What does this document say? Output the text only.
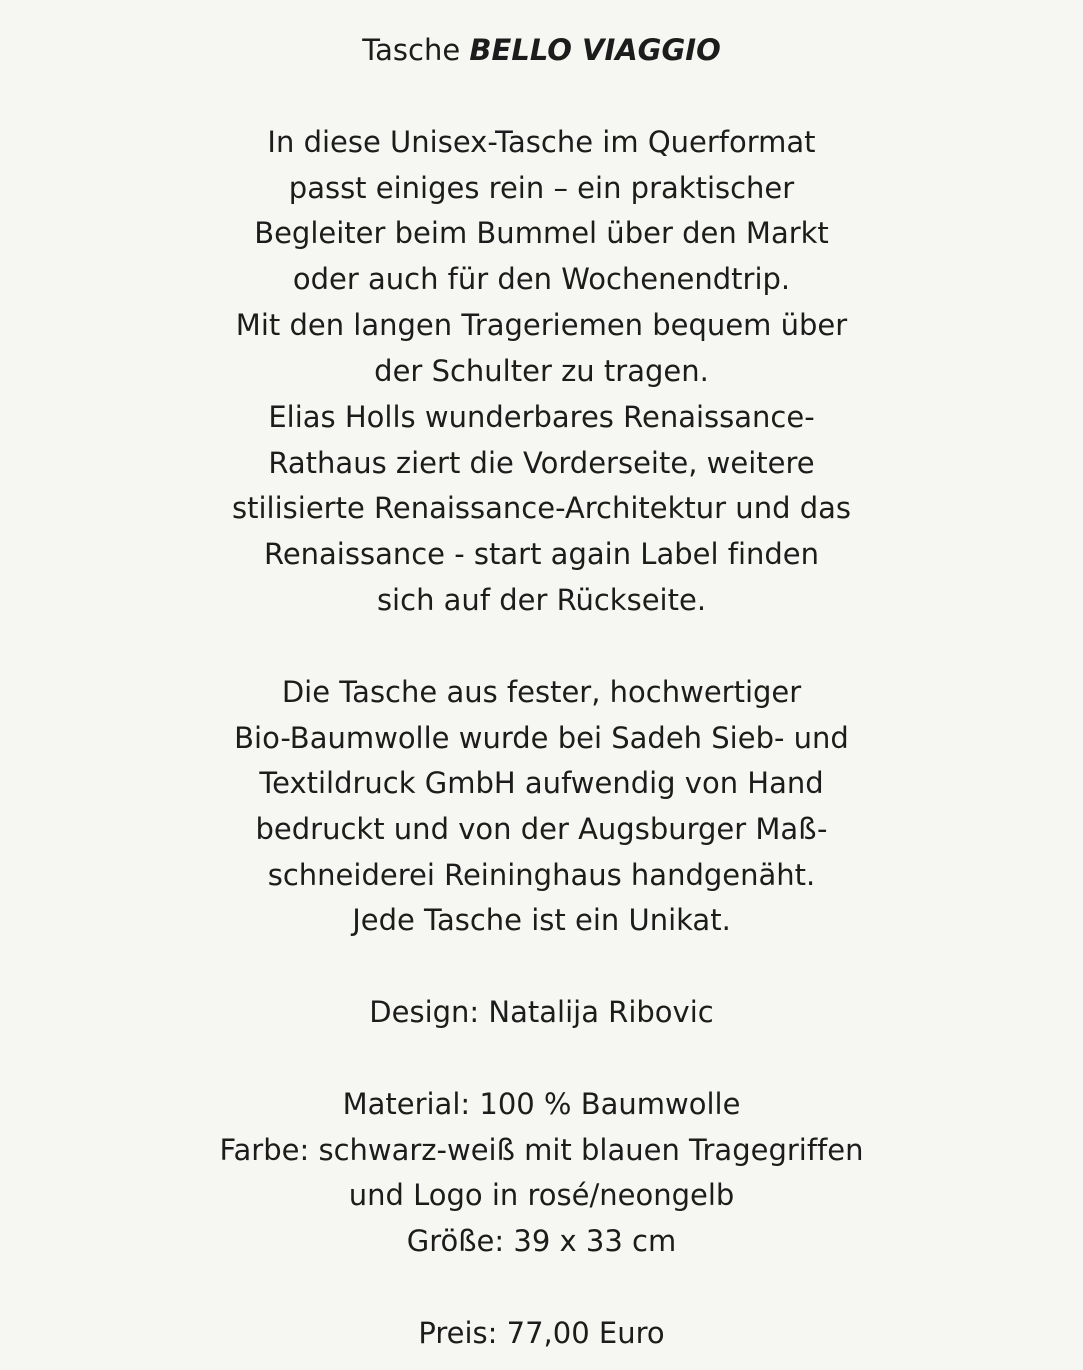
Tasche BELLO VIAGGIO
In diese Unisex-Tasche im Querformat
passt einiges rein – ein praktischer
Begleiter beim Bummel über den Markt
oder auch für den Wochenendtrip.
Mit den langen Trageriemen bequem über
der Schulter zu tragen.
Elias Holls wunderbares Renaissance-
Rathaus ziert die Vorderseite, weitere
stilisierte Renaissance-Architektur und das
Renaissance - start again Label finden
sich auf der Rückseite.
Die Tasche aus fester, hochwertiger
Bio-Baumwolle wurde bei Sadeh Sieb- und
Textildruck GmbH aufwendig von Hand
bedruckt und von der Augsburger Maß-
schneiderei Reininghaus handgenäht.
Jede Tasche ist ein Unikat.
Design: Natalija Ribovic
Material: 100 % Baumwolle
Farbe: schwarz-weiß mit blauen Tragegriffen
und Logo in rosé/neongelb
Größe: 39 x 33 cm
Preis: 77,00 Euro
